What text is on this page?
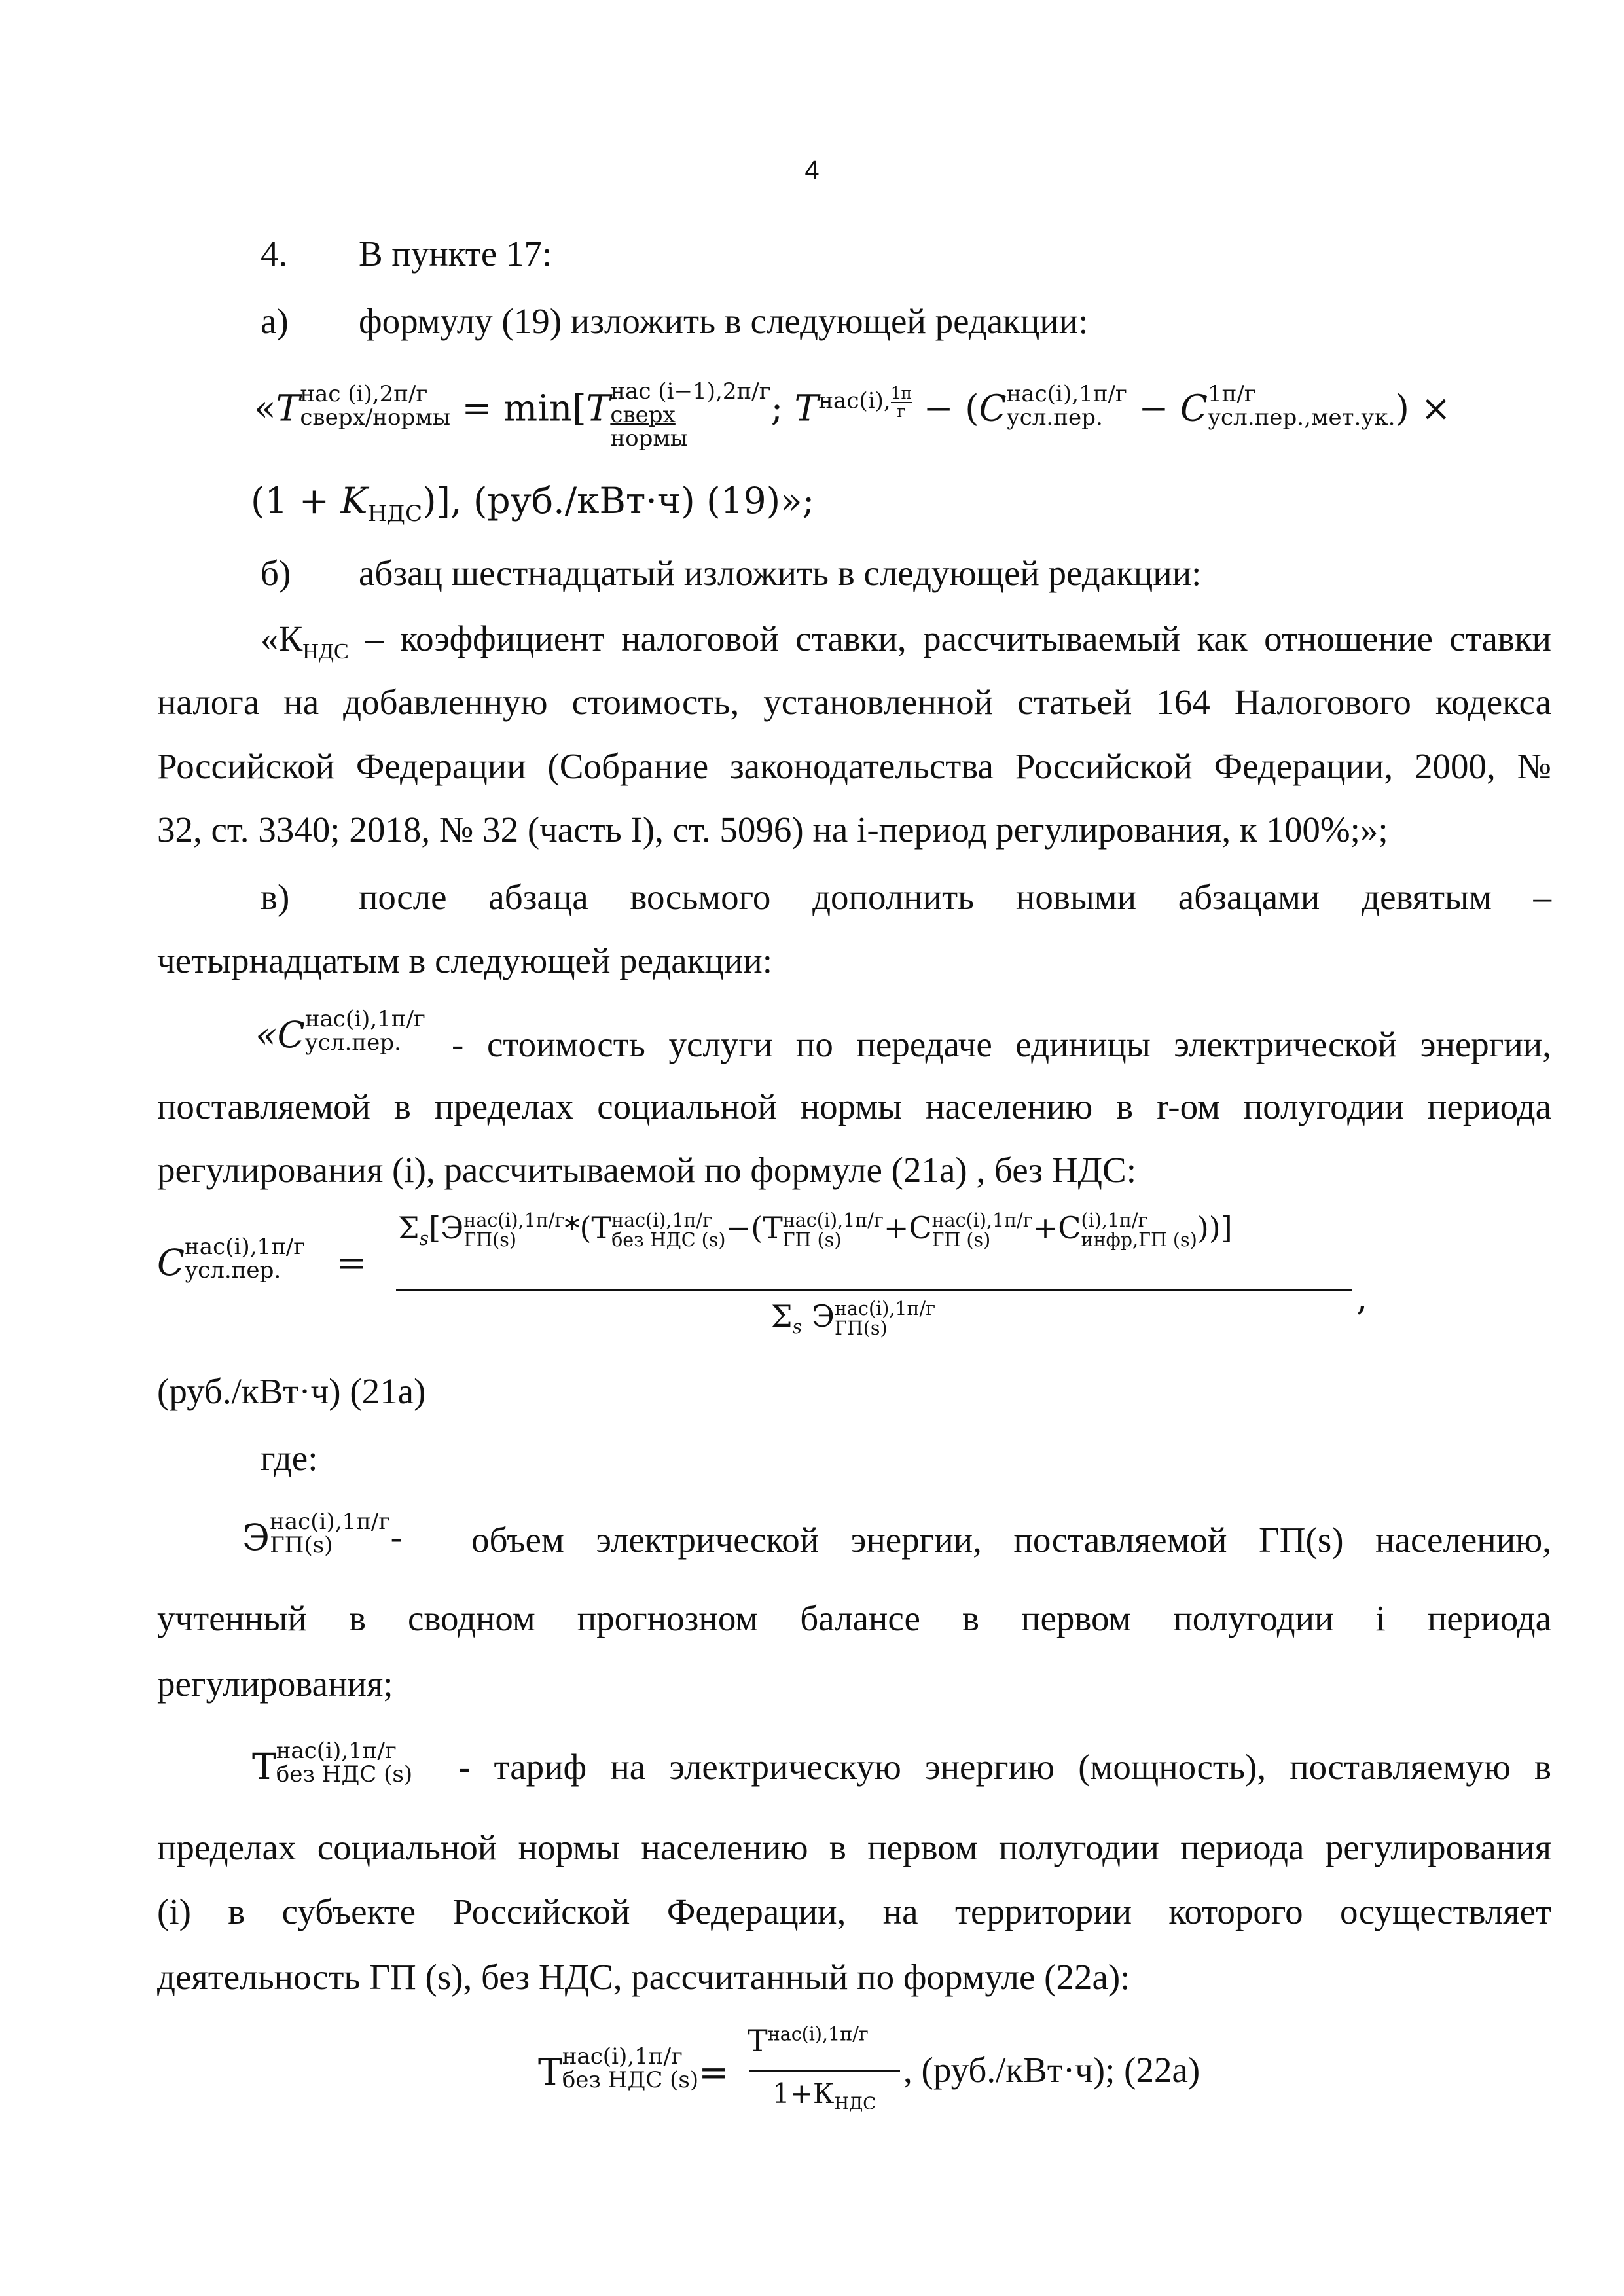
4
4. В пункте 17:
а) формулу (19) изложить в следующей редакции:
«T нас (i),2п/г
сверх/нормы = min[T нас (i−1),2п/г
сверх
нормы
; $T^{нас(i),}$ 1п
г − (C нас(i),1п/г
усл.пер. − C 1п/г
усл.пер.,мет.ук. ) ×
$(1 + K_{НДС})$], (руб./кВт·ч) (19)»;
б) абзац шестнадцатый изложить в следующей редакции:
«$К_{НДС}$ – коэффициент налоговой ставки, рассчитываемый как отношение ставки
налога на добавленную стоимость, установленной статьей 164 Налогового кодекса
Российской Федерации (Собрание законодательства Российской Федерации, 2000, №
32, ст. 3340; 2018, № 32 (часть I), ст. 5096) на i-период регулирования, к 100%;»;
в) после абзаца восьмого дополнить новыми абзацами девятым –
четырнадцатым в следующей редакции:
«C нас(i),1п/г
усл.пер.	- стоимость услуги по передаче единицы электрической энергии,
поставляемой в пределах социальной нормы населению в r-ом полугодии периода
регулирования (i), рассчитываемой по формуле (21а) , без НДС:
C нас(i),1п/г
усл.пер.	=
$\Sigma_s[Э$ нас(i),1п/г
ГП(s)	*(Т нас(i),1п/г
без НДС (s) −(Т нас(i),1п/г
ГП (s)	+С нас(i),1п/г
ГП (s)	+С (i),1п/г
инфр,ГП (s) ))]
,
$\Sigma_s$ Э нас(i),1п/г
ГП(s)
(руб./кВт·ч) (21а)
где:
Э нас(i),1п/г
ГП(s)	- объем электрической энергии, поставляемой ГП(s) населению,
учтенный в сводном прогнозном балансе в первом полугодии i периода
регулирования;
Т нас(i),1п/г
без НДС (s) - тариф на электрическую энергию (мощность), поставляемую в
пределах социальной нормы населению в первом полугодии периода регулирования
(i) в субъекте Российской Федерации, на территории которого осуществляет
деятельность ГП (s), без НДС, рассчитанный по формуле (22а):
Т нас(i),1п/г
без НДС (s) =
$Т^{нас(i),1п/г}$
$1+К_{НДС}$
, (руб./кВт·ч); (22а)
